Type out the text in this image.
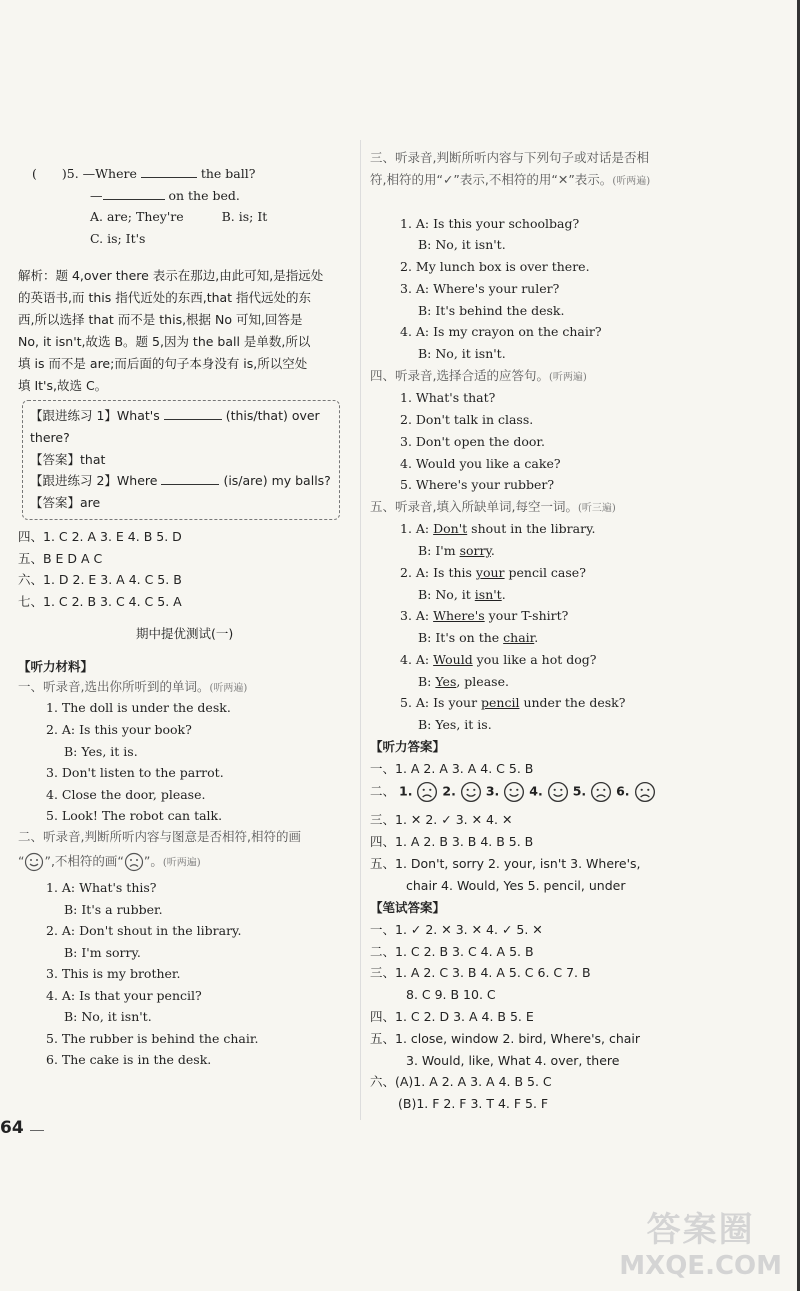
(　　)5. —Where	the ball?
—	on the bed.
A. are; They're	B. is; It
C. is; It's
解析：题 4,over there 表示在那边,由此可知,是指远处
的英语书,而 this 指代近处的东西,that 指代远处的东
西,所以选择 that 而不是 this,根据 No 可知,回答是
No, it isn't,故选 B。题 5,因为 the ball 是单数,所以
填 is 而不是 are;而后面的句子本身没有 is,所以空处
填 It's,故选 C。
【跟进练习 1】What's	(this/that) over
there?
【答案】that
【跟进练习 2】Where	(is/are) my balls?
【答案】are
四、1. C 2. A 3. E 4. B 5. D
五、B E D A C
六、1. D 2. E 3. A 4. C 5. B
七、1. C 2. B 3. C 4. C 5. A
期中提优测试(一)
【听力材料】
一、听录音,选出你所听到的单词。(听两遍)
1. The doll is under the desk.
2. A: Is this your book?
B: Yes, it is.
3. Don't listen to the parrot.
4. Close the door, please.
5. Look! The robot can talk.
二、听录音,判断所听内容与图意是否相符,相符的画
“ ”,不相符的画“ ”。(听两遍)
1. A: What's this?
B: It's a rubber.
2. A: Don't shout in the library.
B: I'm sorry.
3. This is my brother.
4. A: Is that your pencil?
B: No, it isn't.
5. The rubber is behind the chair.
6. The cake is in the desk.
64
三、听录音,判断所听内容与下列句子或对话是否相
符,相符的用“✓”表示,不相符的用“✕”表示。(听两遍)
1. A: Is this your schoolbag?
B: No, it isn't.
2. My lunch box is over there.
3. A: Where's your ruler?
B: It's behind the desk.
4. A: Is my crayon on the chair?
B: No, it isn't.
四、听录音,选择合适的应答句。(听两遍)
1. What's that?
2. Don't talk in class.
3. Don't open the door.
4. Would you like a cake?
5. Where's your rubber?
五、听录音,填入所缺单词,每空一词。(听三遍)
1. A: Don't shout in the library.
B: I'm sorry.
2. A: Is this your pencil case?
B: No, it isn't.
3. A: Where's your T-shirt?
B: It's on the chair.
4. A: Would you like a hot dog?
B: Yes, please.
5. A: Is your pencil under the desk?
B: Yes, it is.
【听力答案】
一、1. A 2. A 3. A 4. C 5. B
二、 1. 2. 3. 4. 5. 6.
三、1. ✕ 2. ✓ 3. ✕ 4. ✕
四、1. A 2. B 3. B 4. B 5. B
五、1. Don't, sorry 2. your, isn't 3. Where's,
chair 4. Would, Yes 5. pencil, under
【笔试答案】
一、1. ✓ 2. ✕ 3. ✕ 4. ✓ 5. ✕
二、1. C 2. B 3. C 4. A 5. B
三、1. A 2. C 3. B 4. A 5. C 6. C 7. B
8. C 9. B 10. C
四、1. C 2. D 3. A 4. B 5. E
五、1. close, window 2. bird, Where's, chair
3. Would, like, What 4. over, there
六、(A)1. A 2. A 3. A 4. B 5. C
(B)1. F 2. F 3. T 4. F 5. F
答案圈
MXQE.COM
